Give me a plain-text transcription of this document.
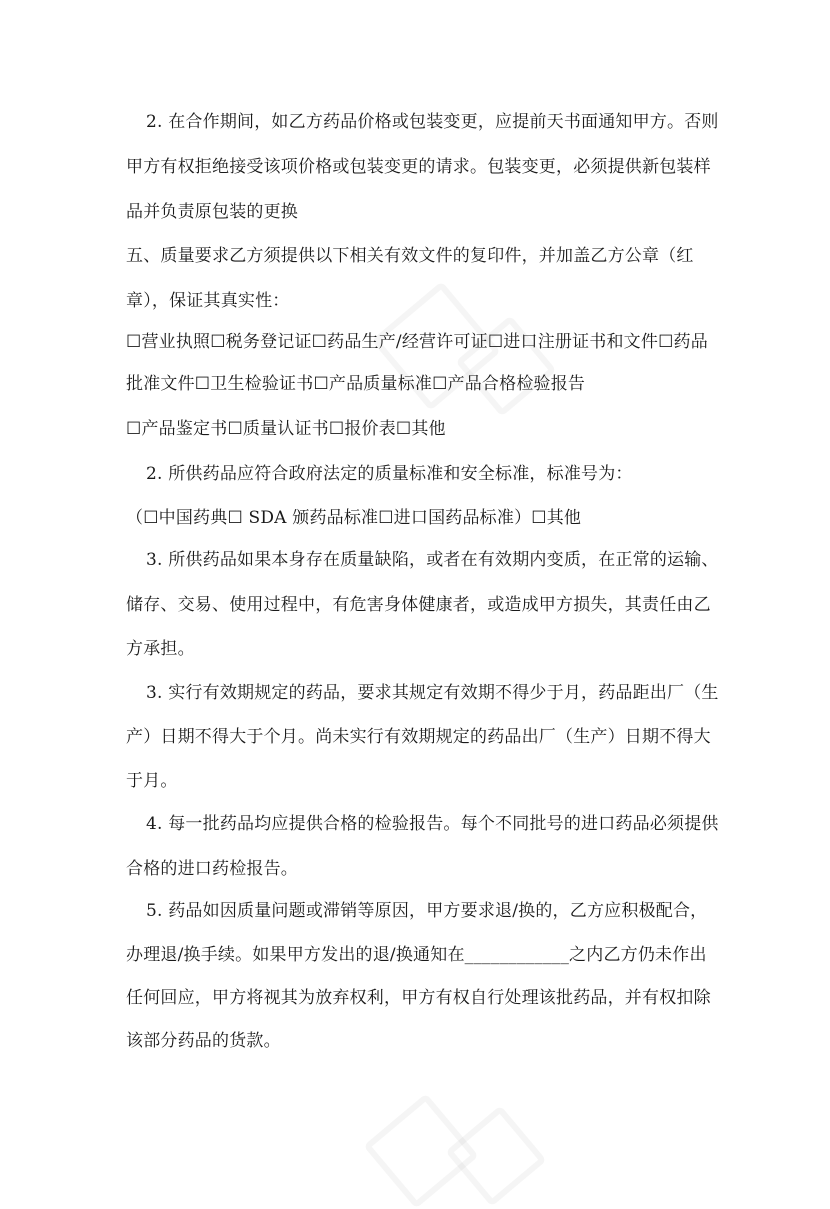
2. 在合作期间，如乙方药品价格或包装变更，应提前天书面通知甲方。否则
甲方有权拒绝接受该项价格或包装变更的请求。包装变更，必须提供新包装样
品并负责原包装的更换
五、质量要求乙方须提供以下相关有效文件的复印件，并加盖乙方公章（红
章），保证其真实性：
☐营业执照☐税务登记证☐药品生产/经营许可证☐进口注册证书和文件☐药品
批准文件☐卫生检验证书☐产品质量标准☐产品合格检验报告
☐产品鉴定书☐质量认证书☐报价表☐其他
2. 所供药品应符合政府法定的质量标准和安全标准，标准号为：
（☐中国药典☐ SDA 颁药品标准☐进口国药品标准）☐其他
3. 所供药品如果本身存在质量缺陷，或者在有效期内变质，在正常的运输、
储存、交易、使用过程中，有危害身体健康者，或造成甲方损失，其责任由乙
方承担。
3. 实行有效期规定的药品，要求其规定有效期不得少于月，药品距出厂（生
产）日期不得大于个月。尚未实行有效期规定的药品出厂（生产）日期不得大
于月。
4. 每一批药品均应提供合格的检验报告。每个不同批号的进口药品必须提供
合格的进口药检报告。
5. 药品如因质量问题或滞销等原因，甲方要求退/换的，乙方应积极配合，
办理退/换手续。如果甲方发出的退/换通知在____________之内乙方仍未作出
任何回应，甲方将视其为放弃权利，甲方有权自行处理该批药品，并有权扣除
该部分药品的货款。
